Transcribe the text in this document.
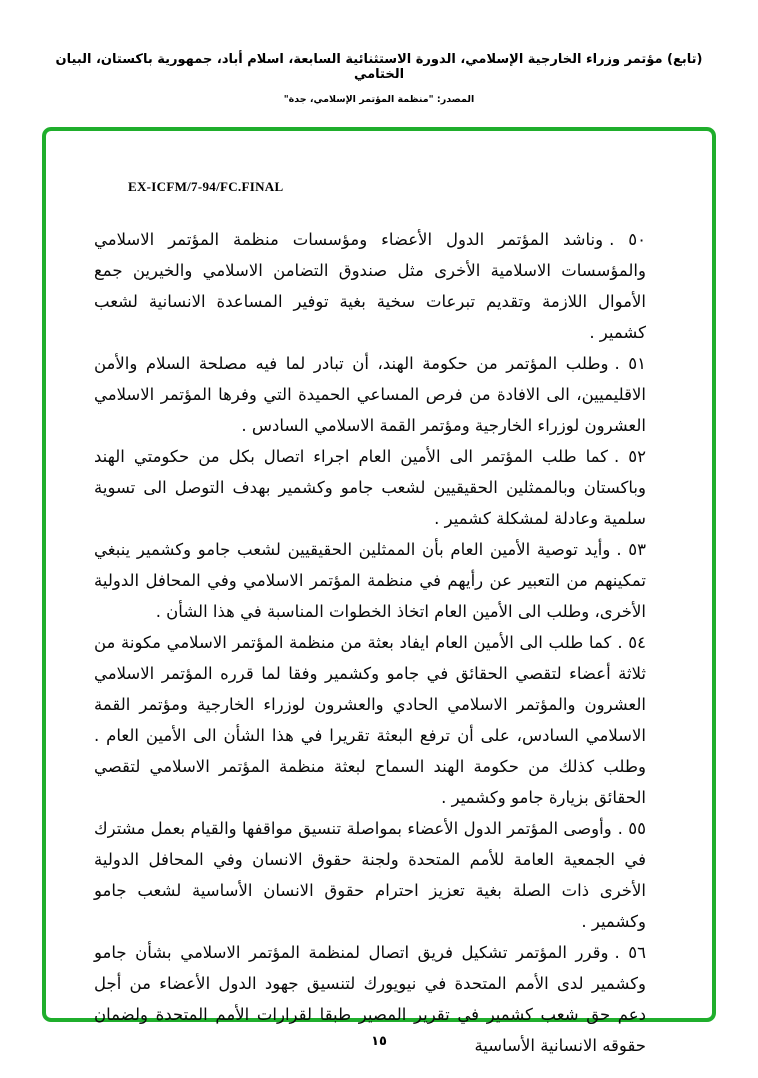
(تابع) مؤتمر وزراء الخارجية الإسلامي، الدورة الاستثنائية السابعة، اسلام أباد، جمهورية باكستان، البيان الختامي
المصدر: "منظمة المؤتمر الإسلامي، جدة"
EX-ICFM/7-94/FC.FINAL

٥٠ .وناشد المؤتمر الدول الأعضاء ومؤسسات منظمة المؤتمر الاسلامي والمؤسسات الاسلامية الأخرى مثل صندوق التضامن الاسلامي والخيرين جمع الأموال اللازمة وتقديم تبرعات سخية بغية توفير المساعدة الانسانية لشعب كشمير .

٥١ .وطلب المؤتمر من حكومة الهند، أن تبادر لما فيه مصلحة السلام والأمن الاقليميين، الى الافادة من فرص المساعي الحميدة التي وفرها المؤتمر الاسلامي العشرون لوزراء الخارجية ومؤتمر القمة الاسلامي السادس .

٥٢ .كما طلب المؤتمر الى الأمين العام اجراء اتصال بكل من حكومتي الهند وباكستان وبالممثلين الحقيقيين لشعب جامو وكشمير بهدف التوصل الى تسوية سلمية وعادلة لمشكلة كشمير .

٥٣ .وأيد توصية الأمين العام بأن الممثلين الحقيقيين لشعب جامو وكشمير ينبغي تمكينهم من التعبير عن رأيهم في منظمة المؤتمر الاسلامي وفي المحافل الدولية الأخرى، وطلب الى الأمين العام اتخاذ الخطوات المناسبة في هذا الشأن .

٥٤ .كما طلب الى الأمين العام ايفاد بعثة من منظمة المؤتمر الاسلامي مكونة من ثلاثة أعضاء لتقصي الحقائق في جامو وكشمير وفقا لما قرره المؤتمر الاسلامي العشرون والمؤتمر الاسلامي الحادي والعشرون لوزراء الخارجية ومؤتمر القمة الاسلامي السادس، على أن ترفع البعثة تقريرا في هذا الشأن الى الأمين العام . وطلب كذلك من حكومة الهند السماح لبعثة منظمة المؤتمر الاسلامي لتقصي الحقائق بزيارة جامو وكشمير .

٥٥ .وأوصى المؤتمر الدول الأعضاء بمواصلة تنسيق مواقفها والقيام بعمل مشترك في الجمعية العامة للأمم المتحدة ولجنة حقوق الانسان وفي المحافل الدولية الأخرى ذات الصلة بغية تعزيز احترام حقوق الانسان الأساسية لشعب جامو وكشمير .

٥٦ .وقرر المؤتمر تشكيل فريق اتصال لمنظمة المؤتمر الاسلامي بشأن جامو وكشمير لدى الأمم المتحدة في نيويورك لتنسيق جهود الدول الأعضاء من أجل دعم حق شعب كشمير في تقرير المصير طبقا لقرارات الأمم المتحدة ولضمان حقوقه الانسانية الأساسية

١٥
